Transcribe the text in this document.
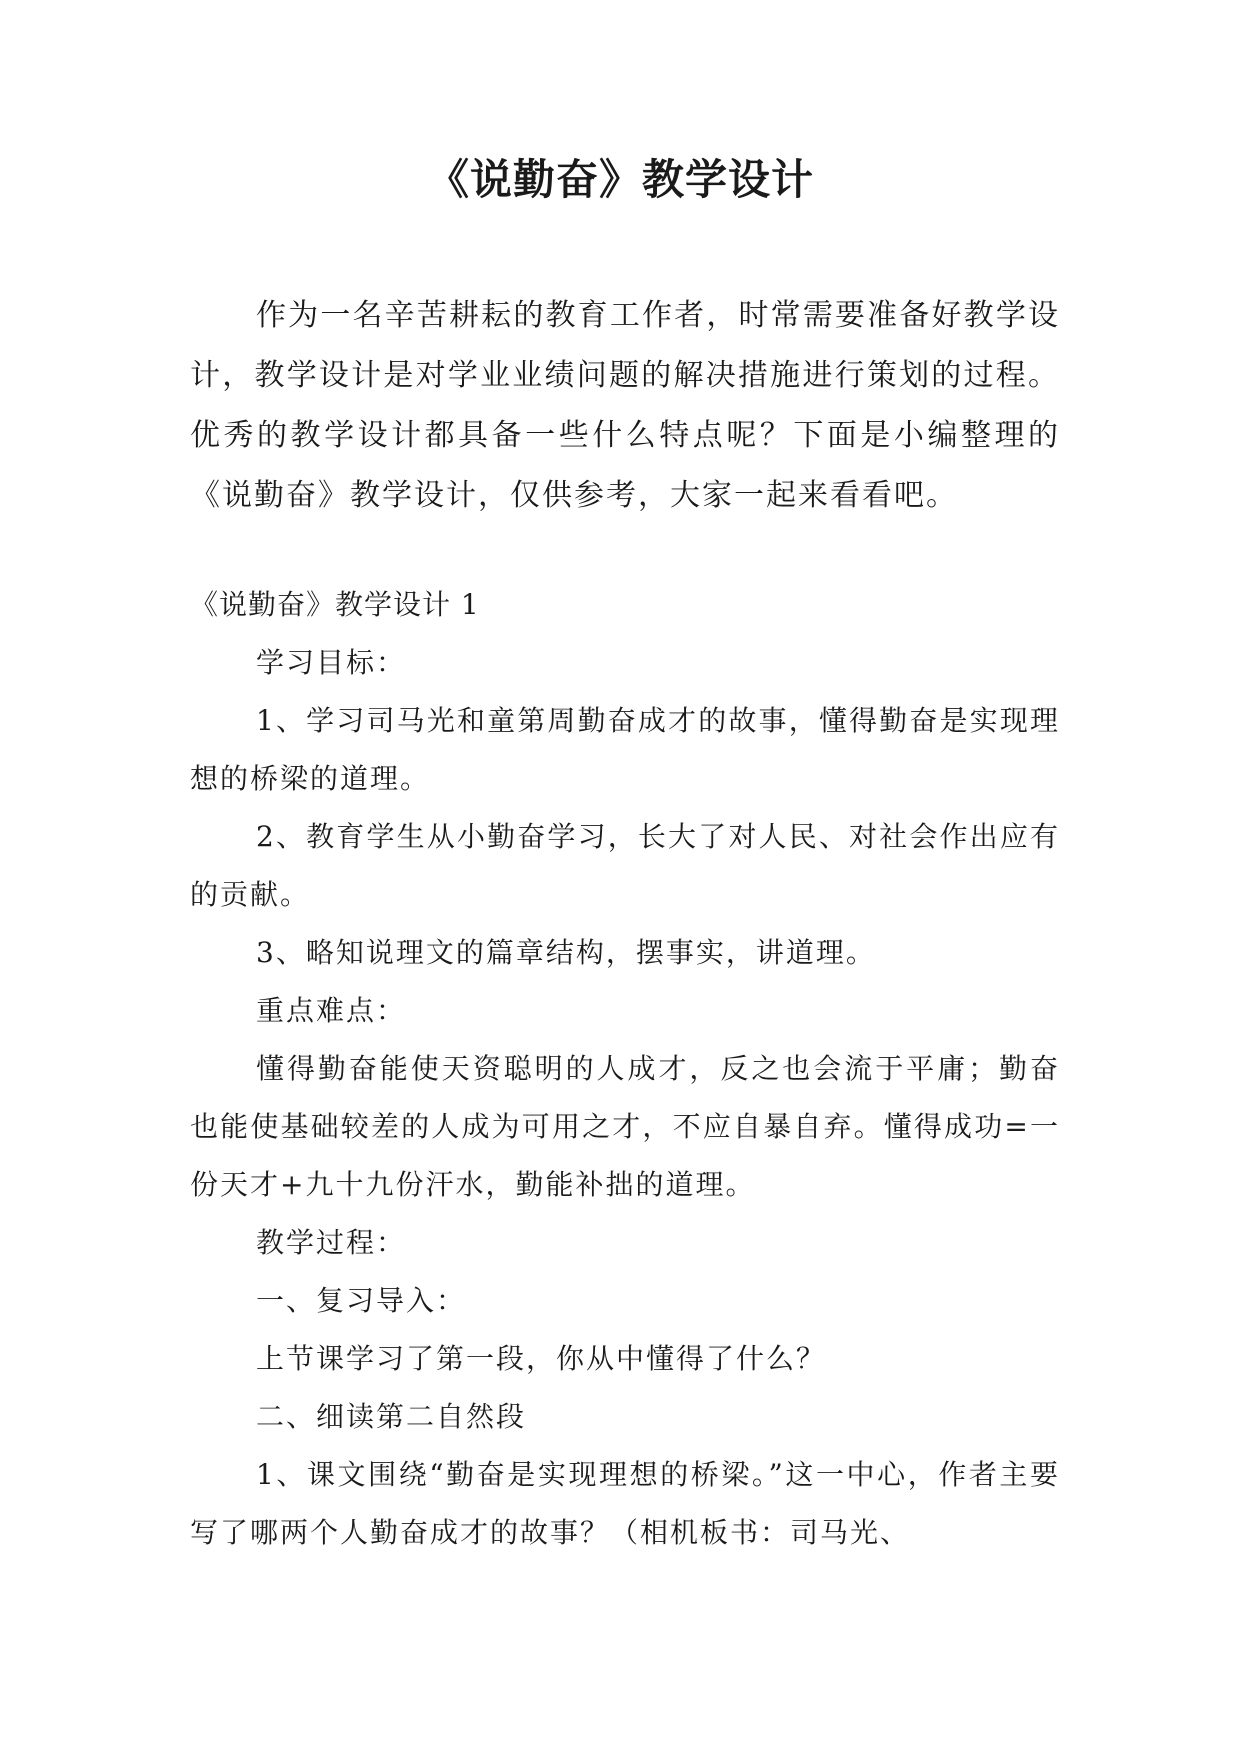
《说勤奋》教学设计

作为一名辛苦耕耘的教育工作者，时常需要准备好教学设计，教学设计是对学业业绩问题的解决措施进行策划的过程。优秀的教学设计都具备一些什么特点呢？下面是小编整理的《说勤奋》教学设计，仅供参考，大家一起来看看吧。

《说勤奋》教学设计 1

学习目标：

1、学习司马光和童第周勤奋成才的故事，懂得勤奋是实现理想的桥梁的道理。

2、教育学生从小勤奋学习，长大了对人民、对社会作出应有的贡献。

3、略知说理文的篇章结构，摆事实，讲道理。

重点难点：

懂得勤奋能使天资聪明的人成才，反之也会流于平庸；勤奋也能使基础较差的人成为可用之才，不应自暴自弃。懂得成功=一份天才+九十九份汗水，勤能补拙的道理。

教学过程：

一、复习导入：

上节课学习了第一段，你从中懂得了什么？

二、细读第二自然段

1、课文围绕“勤奋是实现理想的桥梁。”这一中心，作者主要写了哪两个人勤奋成才的故事？（相机板书：司马光、
